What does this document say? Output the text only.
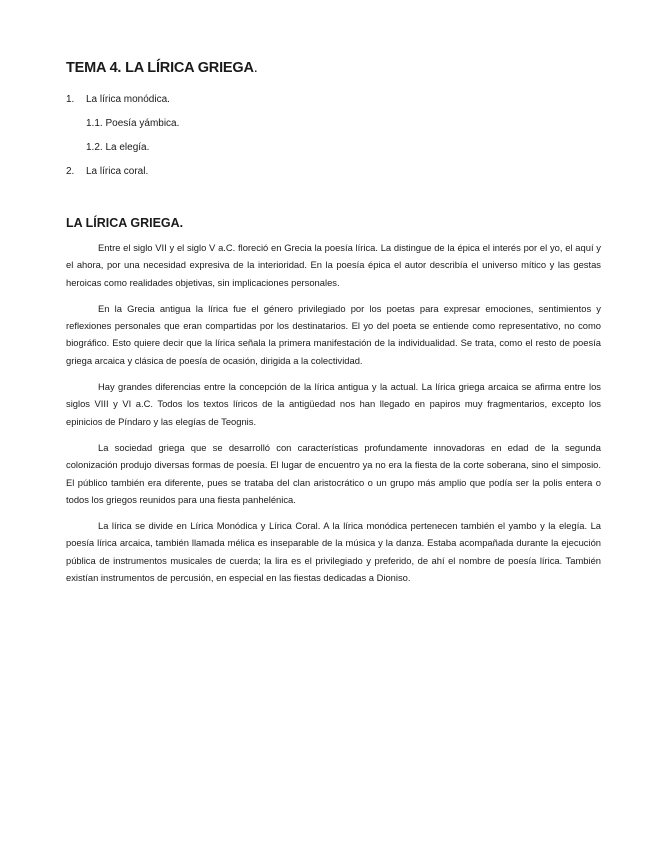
TEMA 4. LA LÍRICA GRIEGA.
1. La lírica monódica.
1.1. Poesía yámbica.
1.2. La elegía.
2. La lírica coral.
LA LÍRICA GRIEGA.

Entre el siglo VII y el siglo V a.C. floreció en Grecia la poesía lírica. La distingue de la épica el interés por el yo, el aquí y el ahora, por una necesidad expresiva de la interioridad. En la poesía épica el autor describía el universo mítico y las gestas heroicas como realidades objetivas, sin implicaciones personales.

En la Grecia antigua la lírica fue el género privilegiado por los poetas para expresar emociones, sentimientos y reflexiones personales que eran compartidas por los destinatarios. El yo del poeta se entiende como representativo, no como biográfico. Esto quiere decir que la lírica señala la primera manifestación de la individualidad. Se trata, como el resto de poesía griega arcaica y clásica de poesía de ocasión, dirigida a la colectividad.

Hay grandes diferencias entre la concepción de la lírica antigua y la actual. La lírica griega arcaica se afirma entre los siglos VIII y VI a.C. Todos los textos líricos de la antigüedad nos han llegado en papiros muy fragmentarios, excepto los epinicios de Píndaro y las elegías de Teognis.

La sociedad griega que se desarrolló con características profundamente innovadoras en edad de la segunda colonización produjo diversas formas de poesía. El lugar de encuentro ya no era la fiesta de la corte soberana, sino el simposio. El público también era diferente, pues se trataba del clan aristocrático o un grupo más amplio que podía ser la polis entera o todos los griegos reunidos para una fiesta panhelénica.

La lírica se divide en Lírica Monódica y Lírica Coral. A la lírica monódica pertenecen también el yambo y la elegía. La poesía lírica arcaica, también llamada mélica es inseparable de la música y la danza. Estaba acompañada durante la ejecución pública de instrumentos musicales de cuerda; la lira es el privilegiado y preferido, de ahí el nombre de poesía lírica. También existían instrumentos de percusión, en especial en las fiestas dedicadas a Dioniso.
